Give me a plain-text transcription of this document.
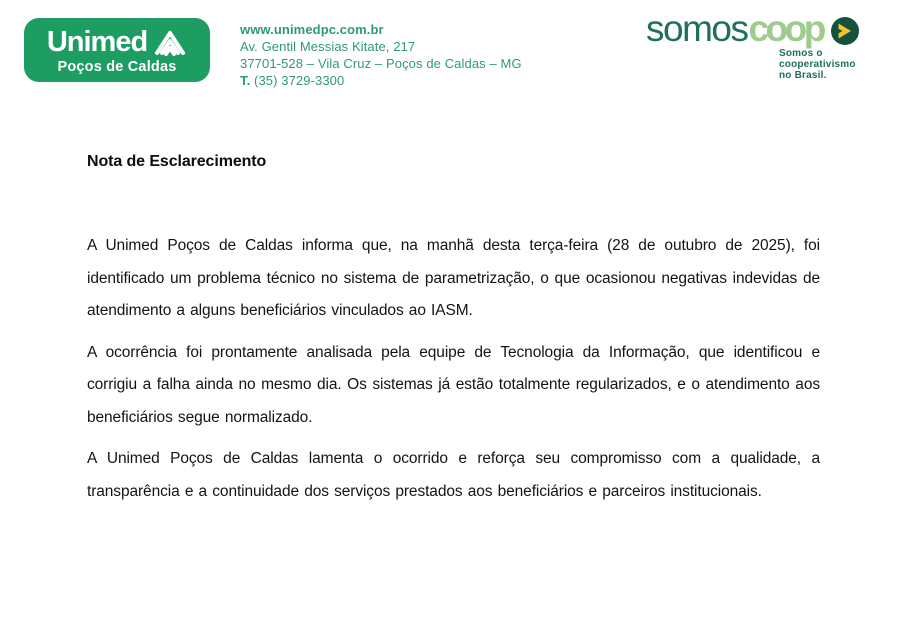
Unimed
Poços de Caldas
www.unimedpc.com.br
Av. Gentil Messias Kitate, 217
37701-528 – Vila Cruz – Poços de Caldas – MG
T. (35) 3729-3300
somos coop
Somos o
cooperativismo
no Brasil.
Nota de Esclarecimento

A Unimed Poços de Caldas informa que, na manhã desta terça-feira (28 de outubro de 2025), foi identificado um problema técnico no sistema de parametrização, o que ocasionou negativas indevidas de atendimento a alguns beneficiários vinculados ao IASM.

A ocorrência foi prontamente analisada pela equipe de Tecnologia da Informação, que identificou e corrigiu a falha ainda no mesmo dia. Os sistemas já estão totalmente regularizados, e o atendimento aos beneficiários segue normalizado.

A Unimed Poços de Caldas lamenta o ocorrido e reforça seu compromisso com a qualidade, a transparência e a continuidade dos serviços prestados aos beneficiários e parceiros institucionais.
